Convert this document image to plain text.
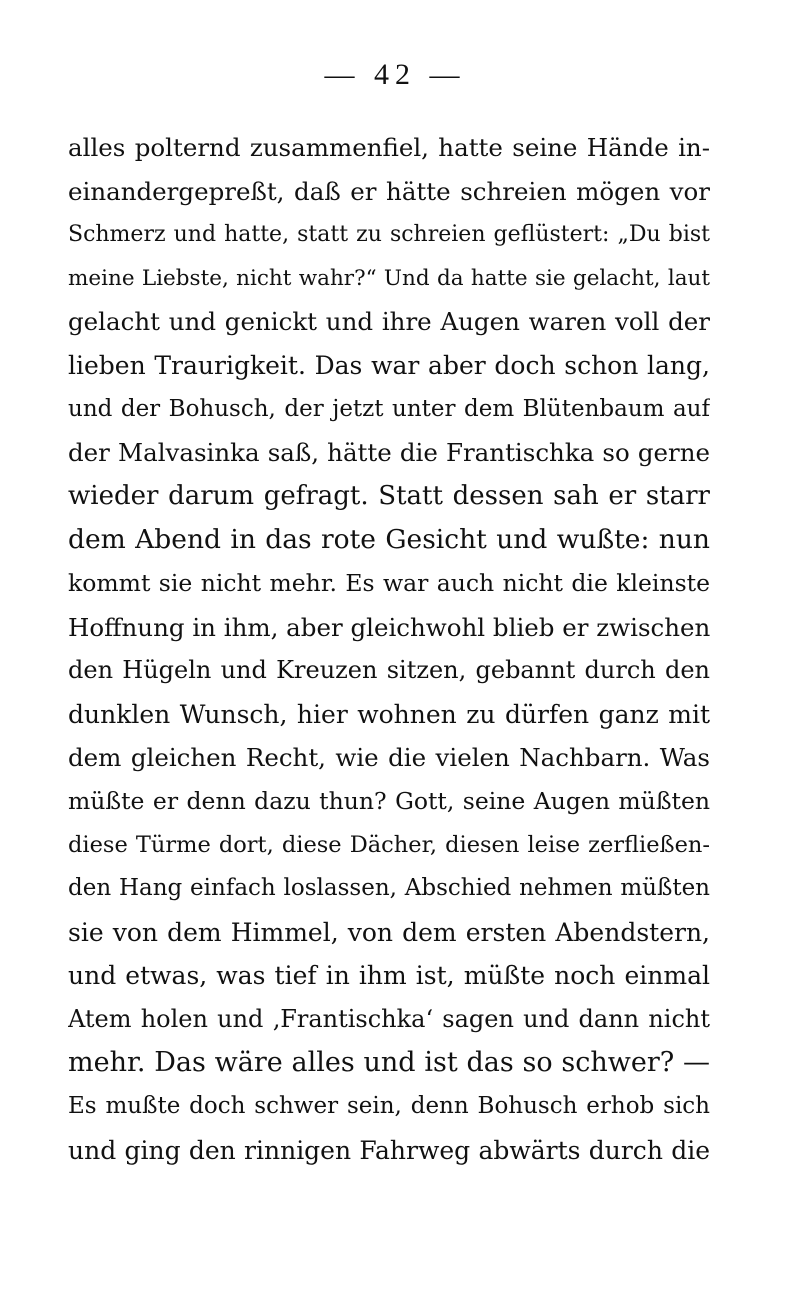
— 42 —
alles polternd zusammenfiel, hatte seine Hände in-
einandergepreßt, daß er hätte schreien mögen vor
Schmerz und hatte, statt zu schreien geflüstert: „Du bist
meine Liebste, nicht wahr?“ Und da hatte sie gelacht, laut
gelacht und genickt und ihre Augen waren voll der
lieben Traurigkeit. Das war aber doch schon lang,
und der Bohusch, der jetzt unter dem Blütenbaum auf
der Malvasinka saß, hätte die Frantischka so gerne
wieder darum gefragt. Statt dessen sah er starr
dem Abend in das rote Gesicht und wußte: nun
kommt sie nicht mehr. Es war auch nicht die kleinste
Hoffnung in ihm, aber gleichwohl blieb er zwischen
den Hügeln und Kreuzen sitzen, gebannt durch den
dunklen Wunsch, hier wohnen zu dürfen ganz mit
dem gleichen Recht, wie die vielen Nachbarn. Was
müßte er denn dazu thun? Gott, seine Augen müßten
diese Türme dort, diese Dächer, diesen leise zerfließen-
den Hang einfach loslassen, Abschied nehmen müßten
sie von dem Himmel, von dem ersten Abendstern,
und etwas, was tief in ihm ist, müßte noch einmal
Atem holen und ‚Frantischka‘ sagen und dann nicht
mehr. Das wäre alles und ist das so schwer? —
Es mußte doch schwer sein, denn Bohusch erhob sich
und ging den rinnigen Fahrweg abwärts durch die
